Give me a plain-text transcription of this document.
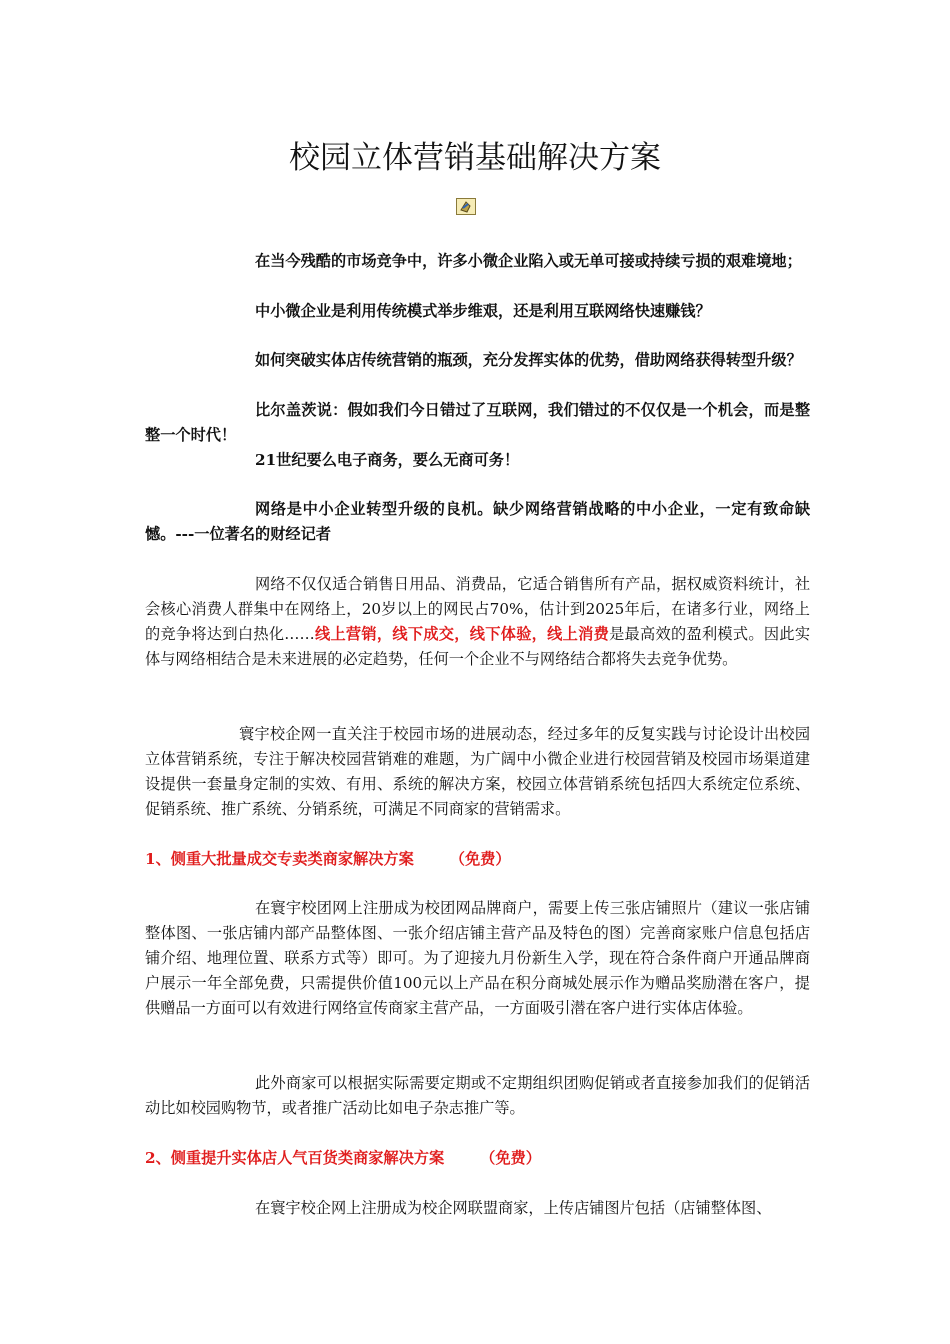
校园立体营销基础解决方案

在当今残酷的市场竞争中，许多小微企业陷入或无单可接或持续亏损的艰难境地；

中小微企业是利用传统模式举步维艰，还是利用互联网络快速赚钱？

如何突破实体店传统营销的瓶颈，充分发挥实体的优势，借助网络获得转型升级？

比尔盖茨说：假如我们今日错过了互联网，我们错过的不仅仅是一个机会，而是整整一个时代！

21世纪要么电子商务，要么无商可务！

网络是中小企业转型升级的良机。缺少网络营销战略的中小企业，一定有致命缺憾。---一位著名的财经记者

网络不仅仅适合销售日用品、消费品，它适合销售所有产品，据权威资料统计，社会核心消费人群集中在网络上，20岁以上的网民占70%，估计到2025年后，在诸多行业，网络上的竞争将达到白热化……线上营销，线下成交，线下体验，线上消费是最高效的盈利模式。因此实体与网络相结合是未来进展的必定趋势，任何一个企业不与网络结合都将失去竞争优势。

寰宇校企网一直关注于校园市场的进展动态，经过多年的反复实践与讨论设计出校园立体营销系统，专注于解决校园营销难的难题，为广阔中小微企业进行校园营销及校园市场渠道建设提供一套量身定制的实效、有用、系统的解决方案，校园立体营销系统包括四大系统定位系统、促销系统、推广系统、分销系统，可满足不同商家的营销需求。

1、侧重大批量成交专卖类商家解决方案 （免费）

在寰宇校团网上注册成为校团网品牌商户，需要上传三张店铺照片（建议一张店铺整体图、一张店铺内部产品整体图、一张介绍店铺主营产品及特色的图）完善商家账户信息包括店铺介绍、地理位置、联系方式等）即可。为了迎接九月份新生入学，现在符合条件商户开通品牌商户展示一年全部免费，只需提供价值100元以上产品在积分商城处展示作为赠品奖励潜在客户，提供赠品一方面可以有效进行网络宣传商家主营产品，一方面吸引潜在客户进行实体店体验。

此外商家可以根据实际需要定期或不定期组织团购促销或者直接参加我们的促销活动比如校园购物节，或者推广活动比如电子杂志推广等。

2、侧重提升实体店人气百货类商家解决方案 （免费）

在寰宇校企网上注册成为校企网联盟商家，上传店铺图片包括（店铺整体图、
